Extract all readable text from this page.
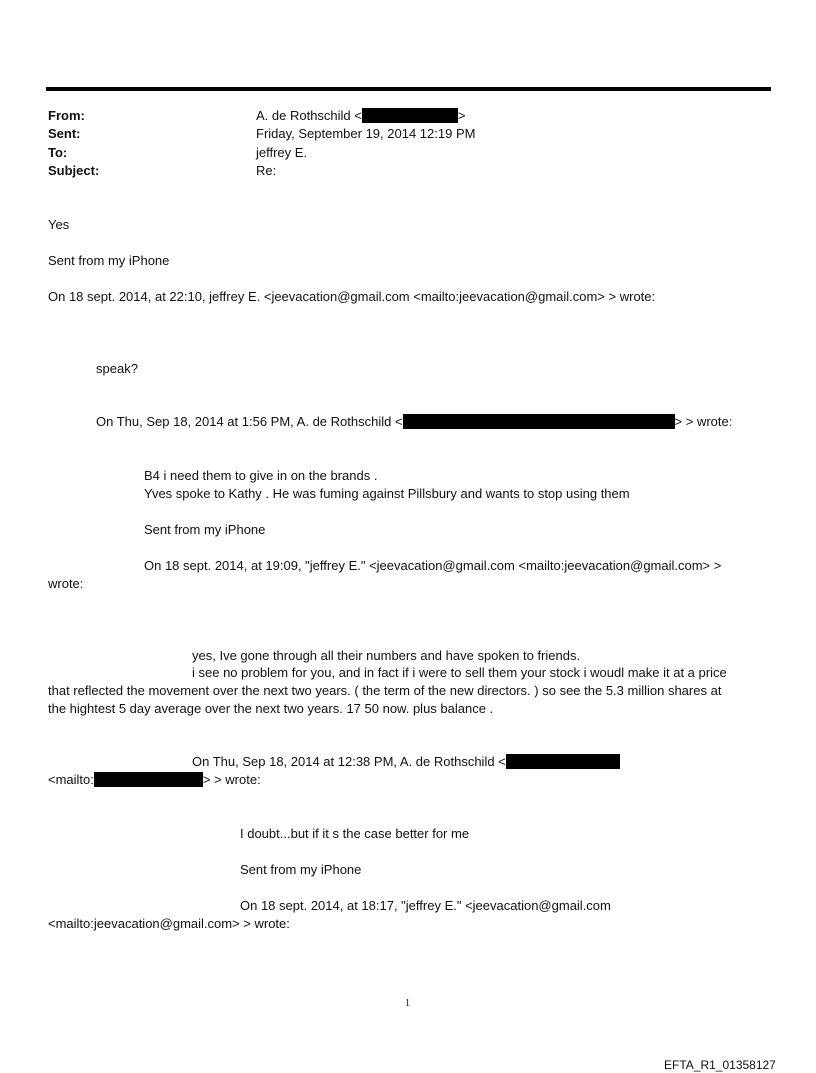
From:	A. de Rothschild <	>
Sent:	Friday, September 19, 2014 12:19 PM
To:	jeffrey E.
Subject:	Re:
Yes
Sent from my iPhone
On 18 sept. 2014, at 22:10, jeffrey E. <jeevacation@gmail.com <mailto:jeevacation@gmail.com> > wrote:
speak?
On Thu, Sep 18, 2014 at 1:56 PM, A. de Rothschild <	> > wrote:
B4 i need them to give in on the brands .
Yves spoke to Kathy . He was fuming against Pillsbury and wants to stop using them
Sent from my iPhone
On 18 sept. 2014, at 19:09, "jeffrey E." <jeevacation@gmail.com <mailto:jeevacation@gmail.com> >
wrote:
yes, Ive gone through all their numbers and have spoken to friends.
i see no problem for you, and in fact if i were to sell them your stock i woudl make it at a price
that reflected the movement over the next two years. ( the term of the new directors. ) so see the 5.3 million shares at
the hightest 5 day average over the next two years. 17 50 now. plus balance .
On Thu, Sep 18, 2014 at 12:38 PM, A. de Rothschild <
<mailto:	> > wrote:
I doubt...but if it s the case better for me
Sent from my iPhone
On 18 sept. 2014, at 18:17, "jeffrey E." <jeevacation@gmail.com
<mailto:jeevacation@gmail.com> > wrote:
1
EFTA_R1_01358127
